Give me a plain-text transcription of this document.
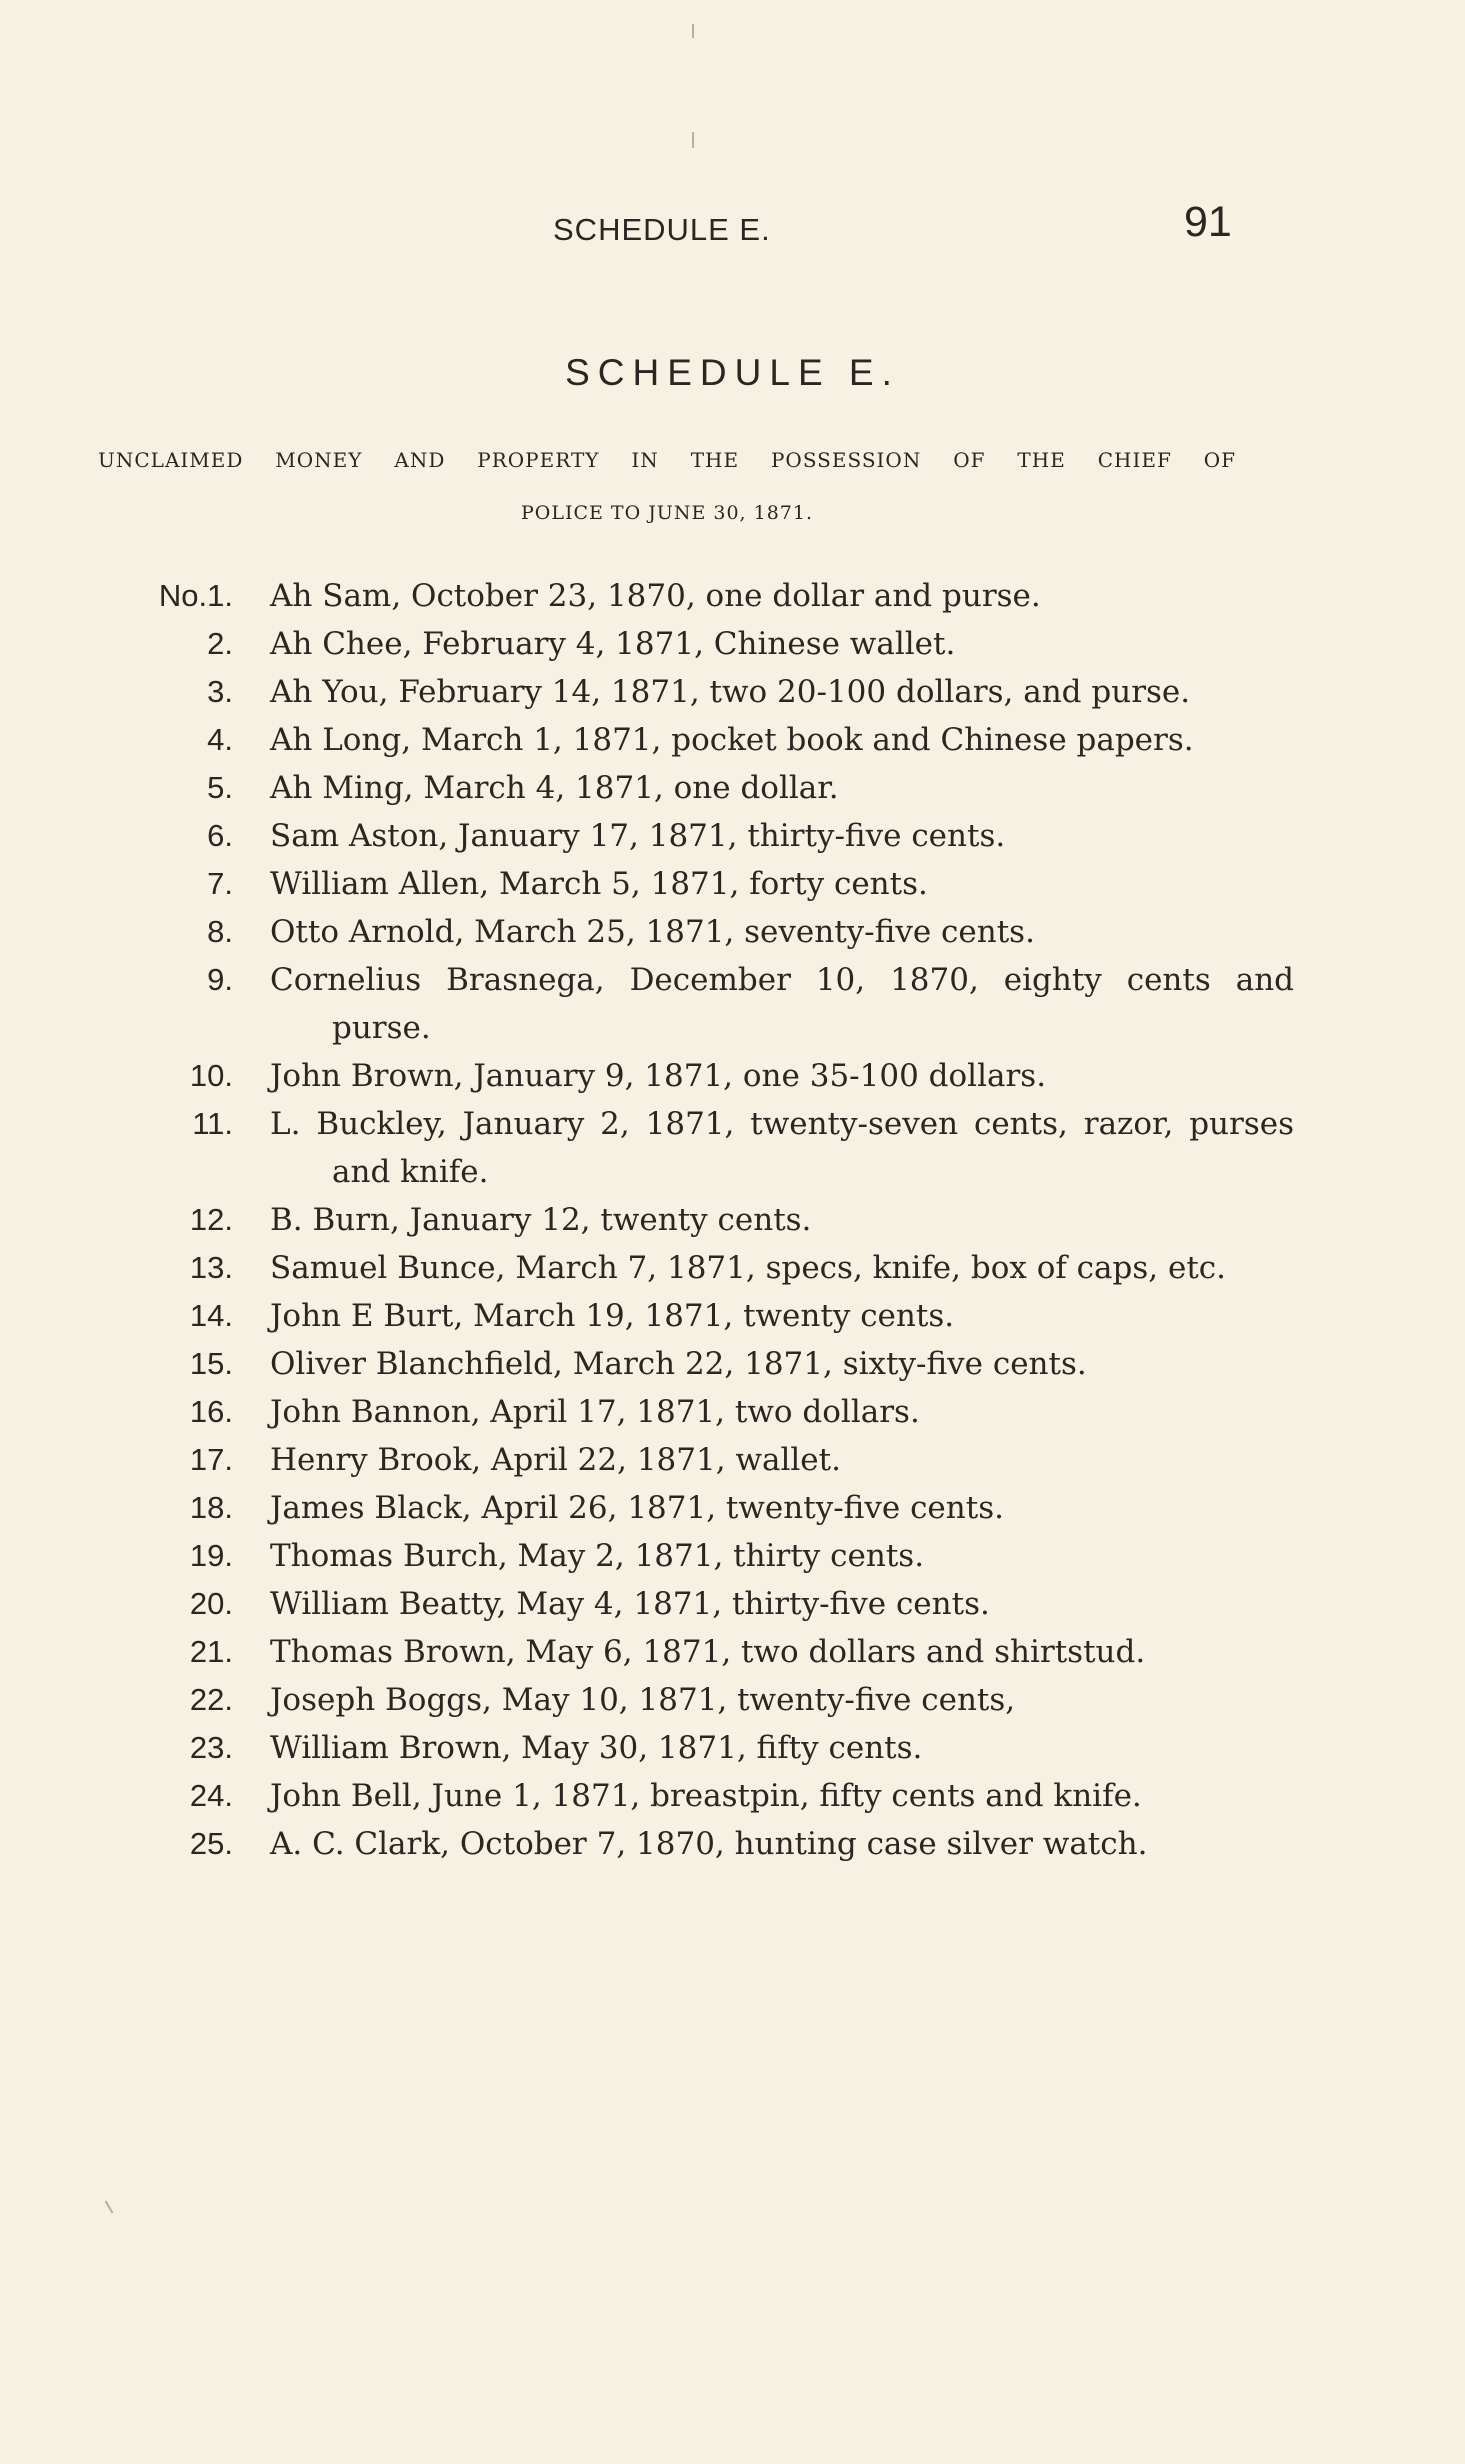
SCHEDULE E.	91
SCHEDULE E.
UNCLAIMED MONEY AND PROPERTY IN THE POSSESSION OF THE CHIEF OF
POLICE TO JUNE 30, 1871.
No.1. Ah Sam, October 23, 1870, one dollar and purse.
2. Ah Chee, February 4, 1871, Chinese wallet.
3. Ah You, February 14, 1871, two 20-100 dollars, and purse.
4. Ah Long, March 1, 1871, pocket book and Chinese papers.
5. Ah Ming, March 4, 1871, one dollar.
6. Sam Aston, January 17, 1871, thirty-five cents.
7. William Allen, March 5, 1871, forty cents.
8. Otto Arnold, March 25, 1871, seventy-five cents.
9. Cornelius Brasnega, December 10, 1870, eighty cents and purse.
10. John Brown, January 9, 1871, one 35-100 dollars.
11. L. Buckley, January 2, 1871, twenty-seven cents, razor, purses and knife.
12. B. Burn, January 12, twenty cents.
13. Samuel Bunce, March 7, 1871, specs, knife, box of caps, etc.
14. John E Burt, March 19, 1871, twenty cents.
15. Oliver Blanchfield, March 22, 1871, sixty-five cents.
16. John Bannon, April 17, 1871, two dollars.
17. Henry Brook, April 22, 1871, wallet.
18. James Black, April 26, 1871, twenty-five cents.
19. Thomas Burch, May 2, 1871, thirty cents.
20. William Beatty, May 4, 1871, thirty-five cents.
21. Thomas Brown, May 6, 1871, two dollars and shirtstud.
22. Joseph Boggs, May 10, 1871, twenty-five cents,
23. William Brown, May 30, 1871, fifty cents.
24. John Bell, June 1, 1871, breastpin, fifty cents and knife.
25. A. C. Clark, October 7, 1870, hunting case silver watch.
